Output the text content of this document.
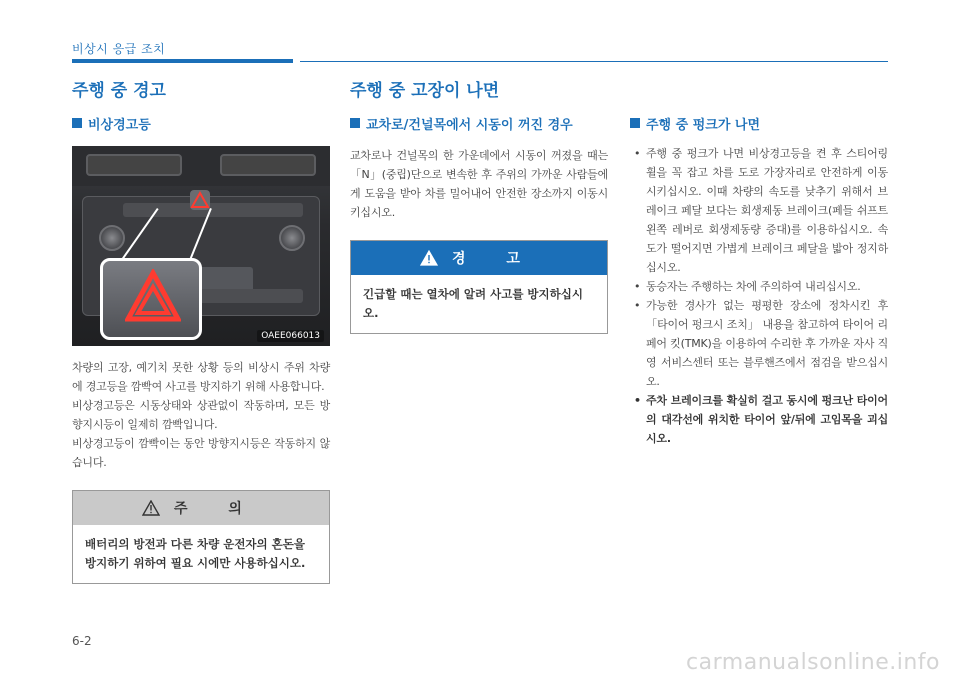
비상시 응급 조치
주행 중 경고
비상경고등
OAEE066013

차량의 고장, 예기치 못한 상황 등의 비상시 주위 차량에 경고등을 깜빡여 사고를 방지하기 위해 사용합니다.

비상경고등은 시동상태와 상관없이 작동하며, 모든 방향지시등이 일제히 깜빡입니다.

비상경고등이 깜빡이는 동안 방향지시등은 작동하지 않습니다.

주 의
배터리의 방전과 다른 차량 운전자의 혼돈을 방지하기 위하여 필요 시에만 사용하십시오.
주행 중 고장이 나면
교차로/건널목에서 시동이 꺼진 경우
교차로나 건널목의 한 가운데에서 시동이 꺼졌을 때는 「N」(중립)단으로 변속한 후 주위의 가까운 사람들에게 도움을 받아 차를 밀어내어 안전한 장소까지 이동시키십시오.
경 고
긴급할 때는 열차에 알려 사고를 방지하십시오.
주행 중 펑크가 나면
• 주행 중 펑크가 나면 비상경고등을 켠 후 스티어링 휠을 꼭 잡고 차를 도로 가장자리로 안전하게 이동시키십시오. 이때 차량의 속도를 낮추기 위해서 브레이크 페달 보다는 회생제동 브레이크(페들 쉬프트 왼쪽 레버로 회생제동량 증대)를 이용하십시오. 속도가 떨어지면 가볍게 브레이크 페달을 밟아 정지하십시오.
• 동승자는 주행하는 차에 주의하여 내리십시오.
• 가능한 경사가 없는 평평한 장소에 정차시킨 후 「타이어 펑크시 조치」 내용을 참고하여 타이어 리페어 킷(TMK)을 이용하여 수리한 후 가까운 자사 직영 서비스센터 또는 블루핸즈에서 점검을 받으십시오.
• 주차 브레이크를 확실히 걸고 동시에 펑크난 타이어의 대각선에 위치한 타이어 앞/뒤에 고임목을 괴십시오.
6-2
carmanualsonline.info
